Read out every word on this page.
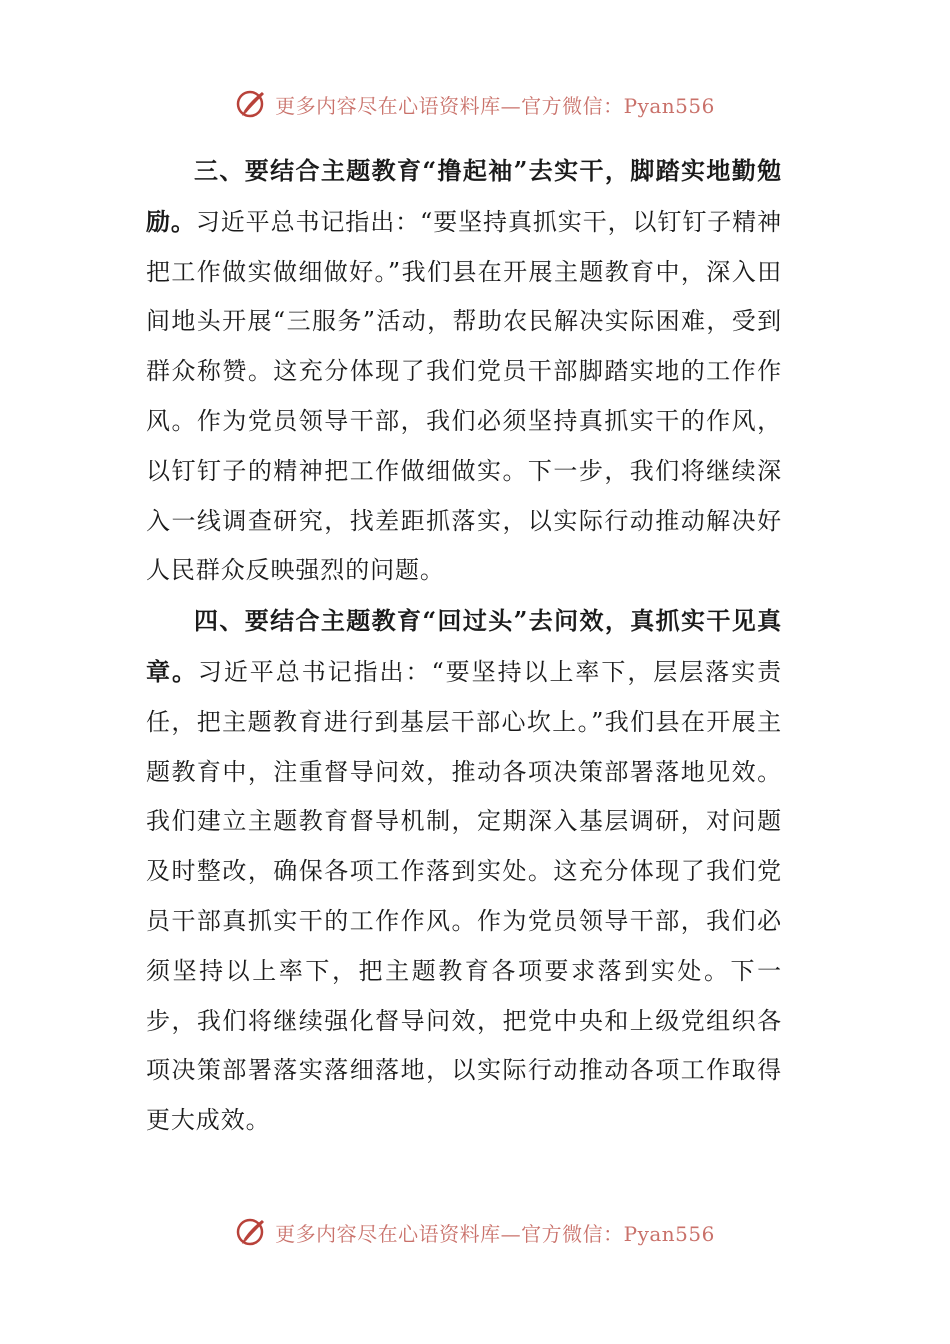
更多内容尽在心语资料库—官方微信：Pyan556

三、要结合主题教育“撸起袖”去实干，脚踏实地勤勉励。习近平总书记指出：“要坚持真抓实干，以钉钉子精神把工作做实做细做好。”我们县在开展主题教育中，深入田间地头开展“三服务”活动，帮助农民解决实际困难，受到群众称赞。这充分体现了我们党员干部脚踏实地的工作作风。作为党员领导干部，我们必须坚持真抓实干的作风，以钉钉子的精神把工作做细做实。下一步，我们将继续深入一线调查研究，找差距抓落实，以实际行动推动解决好人民群众反映强烈的问题。

四、要结合主题教育“回过头”去问效，真抓实干见真章。习近平总书记指出：“要坚持以上率下，层层落实责任，把主题教育进行到基层干部心坎上。”我们县在开展主题教育中，注重督导问效，推动各项决策部署落地见效。我们建立主题教育督导机制，定期深入基层调研，对问题及时整改，确保各项工作落到实处。这充分体现了我们党员干部真抓实干的工作作风。作为党员领导干部，我们必须坚持以上率下，把主题教育各项要求落到实处。下一步，我们将继续强化督导问效，把党中央和上级党组织各项决策部署落实落细落地，以实际行动推动各项工作取得更大成效。

更多内容尽在心语资料库—官方微信：Pyan556
